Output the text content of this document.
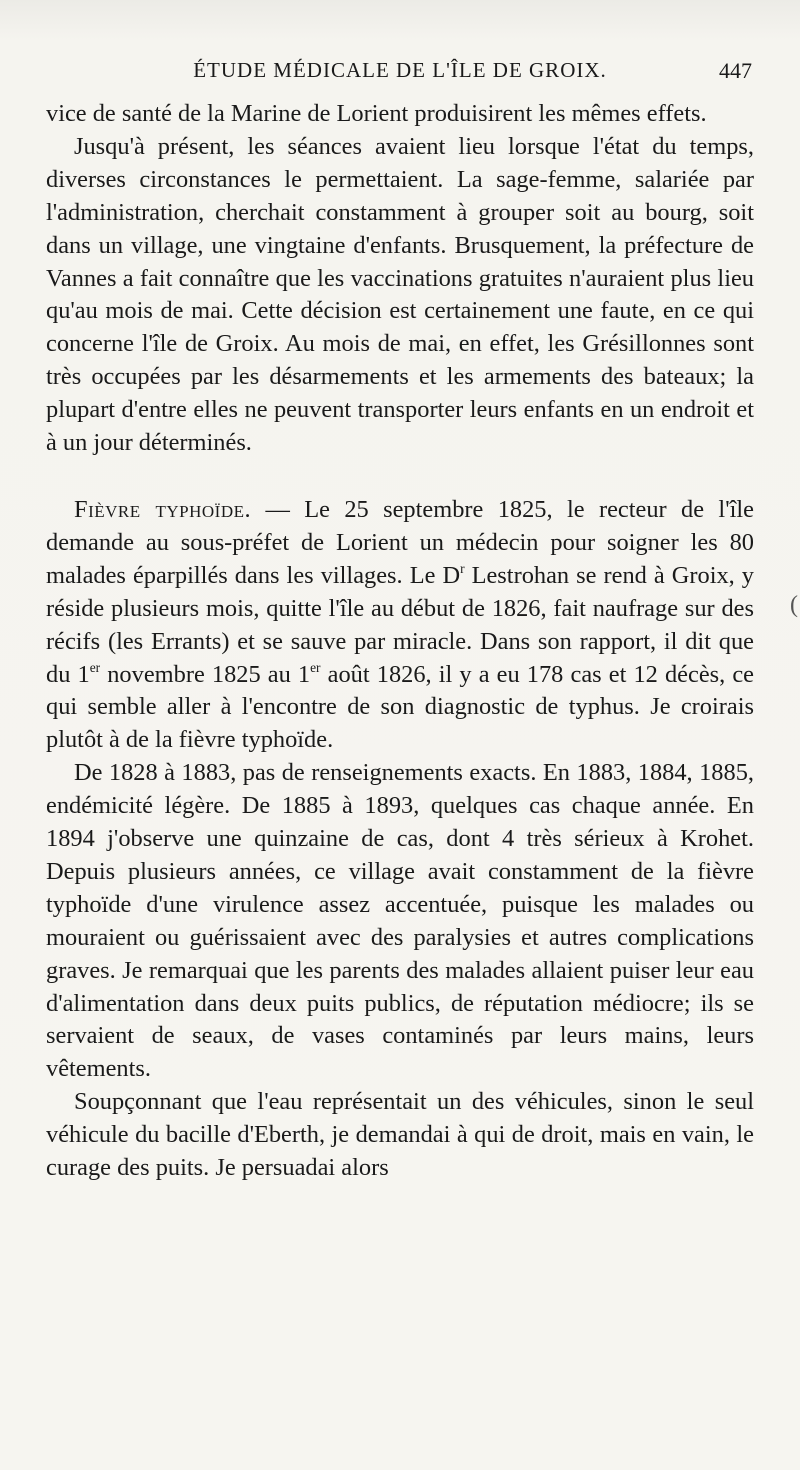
ÉTUDE MÉDICALE DE L'ÎLE DE GROIX.	447

vice de santé de la Marine de Lorient produisirent les mêmes effets.

Jusqu'à présent, les séances avaient lieu lorsque l'état du temps, diverses circonstances le permettaient. La sage-femme, salariée par l'administration, cherchait constamment à grouper soit au bourg, soit dans un village, une vingtaine d'enfants. Brusquement, la préfecture de Vannes a fait connaître que les vaccinations gratuites n'auraient plus lieu qu'au mois de mai. Cette décision est certainement une faute, en ce qui concerne l'île de Groix. Au mois de mai, en effet, les Grésillonnes sont très occupées par les désarmements et les armements des bateaux; la plupart d'entre elles ne peuvent transporter leurs enfants en un endroit et à un jour déterminés.

Fièvre typhoïde. — Le 25 septembre 1825, le recteur de l'île demande au sous-préfet de Lorient un médecin pour soigner les 80 malades éparpillés dans les villages. Le $D^r$ Lestrohan se rend à Groix, y réside plusieurs mois, quitte l'île au début de 1826, fait naufrage sur des récifs (les Errants) et se sauve par miracle. Dans son rapport, il dit que du 1er novembre 1825 au 1er août 1826, il y a eu 178 cas et 12 décès, ce qui semble aller à l'encontre de son diagnostic de typhus. Je croirais plutôt à de la fièvre typhoïde.

De 1828 à 1883, pas de renseignements exacts. En 1883, 1884, 1885, endémicité légère. De 1885 à 1893, quelques cas chaque année. En 1894 j'observe une quinzaine de cas, dont 4 très sérieux à Krohet. Depuis plusieurs années, ce village avait constamment de la fièvre typhoïde d'une virulence assez accentuée, puisque les malades ou mouraient ou guérissaient avec des paralysies et autres complications graves. Je remarquai que les parents des malades allaient puiser leur eau d'alimentation dans deux puits publics, de réputation médiocre; ils se servaient de seaux, de vases contaminés par leurs mains, leurs vêtements.

Soupçonnant que l'eau représentait un des véhicules, sinon le seul véhicule du bacille d'Eberth, je demandai à qui de droit, mais en vain, le curage des puits. Je persuadai alors

(
